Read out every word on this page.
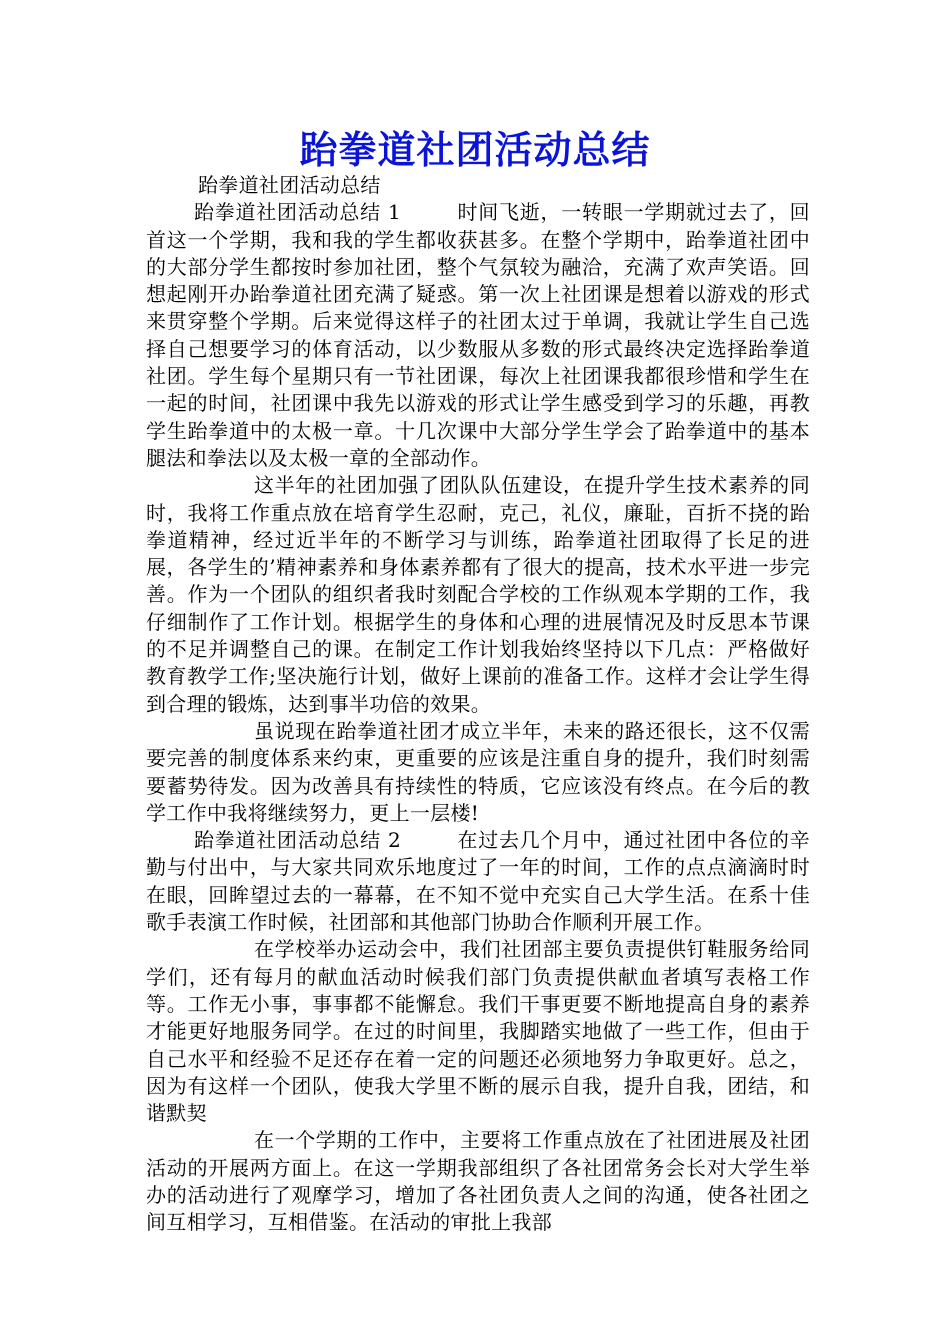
跆拳道社团活动总结

跆拳道社团活动总结

跆拳道社团活动总结 1	时间飞逝，一转眼一学期就过去了，回首这一个学期，我和我的学生都收获甚多。在整个学期中，跆拳道社团中的大部分学生都按时参加社团，整个气氛较为融洽，充满了欢声笑语。回想起刚开办跆拳道社团充满了疑惑。第一次上社团课是想着以游戏的形式来贯穿整个学期。后来觉得这样子的社团太过于单调，我就让学生自己选择自己想要学习的体育活动，以少数服从多数的形式最终决定选择跆拳道社团。学生每个星期只有一节社团课，每次上社团课我都很珍惜和学生在一起的时间，社团课中我先以游戏的形式让学生感受到学习的乐趣，再教学生跆拳道中的太极一章。十几次课中大部分学生学会了跆拳道中的基本腿法和拳法以及太极一章的全部动作。

这半年的社团加强了团队队伍建设，在提升学生技术素养的同时，我将工作重点放在培育学生忍耐，克己，礼仪，廉耻，百折不挠的跆拳道精神，经过近半年的不断学习与训练，跆拳道社团取得了长足的进展，各学生的’精神素养和身体素养都有了很大的提高，技术水平进一步完善。作为一个团队的组织者我时刻配合学校的工作纵观本学期的工作，我仔细制作了工作计划。根据学生的身体和心理的进展情况及时反思本节课的不足并调整自己的课。在制定工作计划我始终坚持以下几点：严格做好教育教学工作;坚决施行计划，做好上课前的准备工作。这样才会让学生得到合理的锻炼，达到事半功倍的效果。

虽说现在跆拳道社团才成立半年，未来的路还很长，这不仅需要完善的制度体系来约束，更重要的应该是注重自身的提升，我们时刻需要蓄势待发。因为改善具有持续性的特质，它应该没有终点。在今后的教学工作中我将继续努力，更上一层楼!

跆拳道社团活动总结 2	在过去几个月中，通过社团中各位的辛勤与付出中，与大家共同欢乐地度过了一年的时间，工作的点点滴滴时时在眼，回眸望过去的一幕幕，在不知不觉中充实自己大学生活。在系十佳歌手表演工作时候，社团部和其他部门协助合作顺利开展工作。

在学校举办运动会中，我们社团部主要负责提供钉鞋服务给同学们，还有每月的献血活动时候我们部门负责提供献血者填写表格工作等。工作无小事，事事都不能懈怠。我们干事更要不断地提高自身的素养才能更好地服务同学。在过的时间里，我脚踏实地做了一些工作，但由于自己水平和经验不足还存在着一定的问题还必须地努力争取更好。总之，因为有这样一个团队，使我大学里不断的展示自我，提升自我，团结，和谐默契

在一个学期的工作中，主要将工作重点放在了社团进展及社团活动的开展两方面上。在这一学期我部组织了各社团常务会长对大学生举办的活动进行了观摩学习，增加了各社团负责人之间的沟通，使各社团之间互相学习，互相借鉴。在活动的审批上我部
